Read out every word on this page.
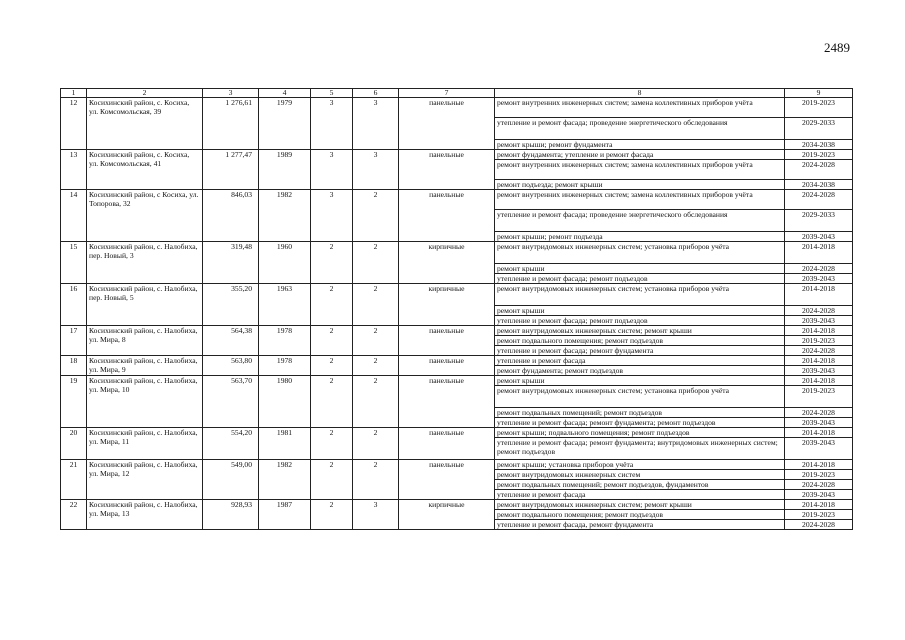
2489
1	2	3	4	5	6	7	8	9
12	Косихинский район, с. Косиха, ул. Комсомольская, 39	1 276,61	1979	3	3	панельные	ремонт внутренних инженерных систем; замена коллективных приборов учёта	2019-2023
							утепление и ремонт фасада; проведение энергетического обследования	2029-2033
							ремонт крыши; ремонт фундамента	2034-2038
13	Косихинский район, с. Косиха, ул. Комсомольская, 41	1 277,47	1989	3	3	панельные	ремонт фундамента; утепление и ремонт фасада	2019-2023
							ремонт внутренних инженерных систем; замена коллективных приборов учёта	2024-2028
							ремонт подъезда; ремонт крыши	2034-2038
14	Косихинский район, с Косиха, ул. Топорова, 32	846,03	1982	3	2	панельные	ремонт внутренних инженерных систем; замена коллективных приборов учёта	2024-2028
							утепление и ремонт фасада; проведение энергетического обследования	2029-2033
							ремонт крыши; ремонт подъезда	2039-2043
15	Косихинский район, с. Налобиха, пер. Новый, 3	319,48	1960	2	2	кирпичные	ремонт внутридомовых инженерных систем; установка приборов учёта	2014-2018
							ремонт крыши	2024-2028
							утепление и ремонт фасада; ремонт подъездов	2039-2043
16	Косихинский район, с. Налобиха, пер. Новый, 5	355,20	1963	2	2	кирпичные	ремонт внутридомовых инженерных систем; установка приборов учёта	2014-2018
							ремонт крыши	2024-2028
							утепление и ремонт фасада; ремонт подъездов	2039-2043
17	Косихинский район, с. Налобиха, ул. Мира, 8	564,38	1978	2	2	панельные	ремонт внутридомовых инженерных систем; ремонт крыши	2014-2018
							ремонт подвального помещения; ремонт подъездов	2019-2023
							утепление и ремонт фасада; ремонт фундамента	2024-2028
18	Косихинский район, с. Налобиха, ул. Мира, 9	563,80	1978	2	2	панельные	утепление и ремонт фасада	2014-2018
							ремонт фундамента; ремонт подъездов	2039-2043
19	Косихинский район, с. Налобиха, ул. Мира, 10	563,70	1980	2	2	панельные	ремонт крыши	2014-2018
							ремонт внутридомовых инженерных систем; установка приборов учёта	2019-2023
							ремонт подвальных помещений; ремонт подъездов	2024-2028
							утепление и ремонт фасада; ремонт фундамента; ремонт подъездов	2039-2043
20	Косихинский район, с. Налобиха, ул. Мира, 11	554,20	1981	2	2	панельные	ремонт крыши; подвального помещения; ремонт подъездов	2014-2018
							утепление и ремонт фасада; ремонт фундамента; внутридомовых инженерных систем; ремонт подъездов	2039-2043
21	Косихинский район, с. Налобиха, ул. Мира, 12	549,00	1982	2	2	панельные	ремонт крыши; установка приборов учёта	2014-2018
							ремонт внутридомовых инженерных систем	2019-2023
							ремонт подвальных помещений; ремонт подъездов, фундаментов	2024-2028
							утепление и ремонт фасада	2039-2043
22	Косихинский район, с. Налобиха, ул. Мира, 13	928,93	1987	2	3	кирпичные	ремонт внутридомовых инженерных систем; ремонт крыши	2014-2018
							ремонт подвального помещения; ремонт подъездов	2019-2023
							утепление и ремонт фасада, ремонт фундамента	2024-2028
